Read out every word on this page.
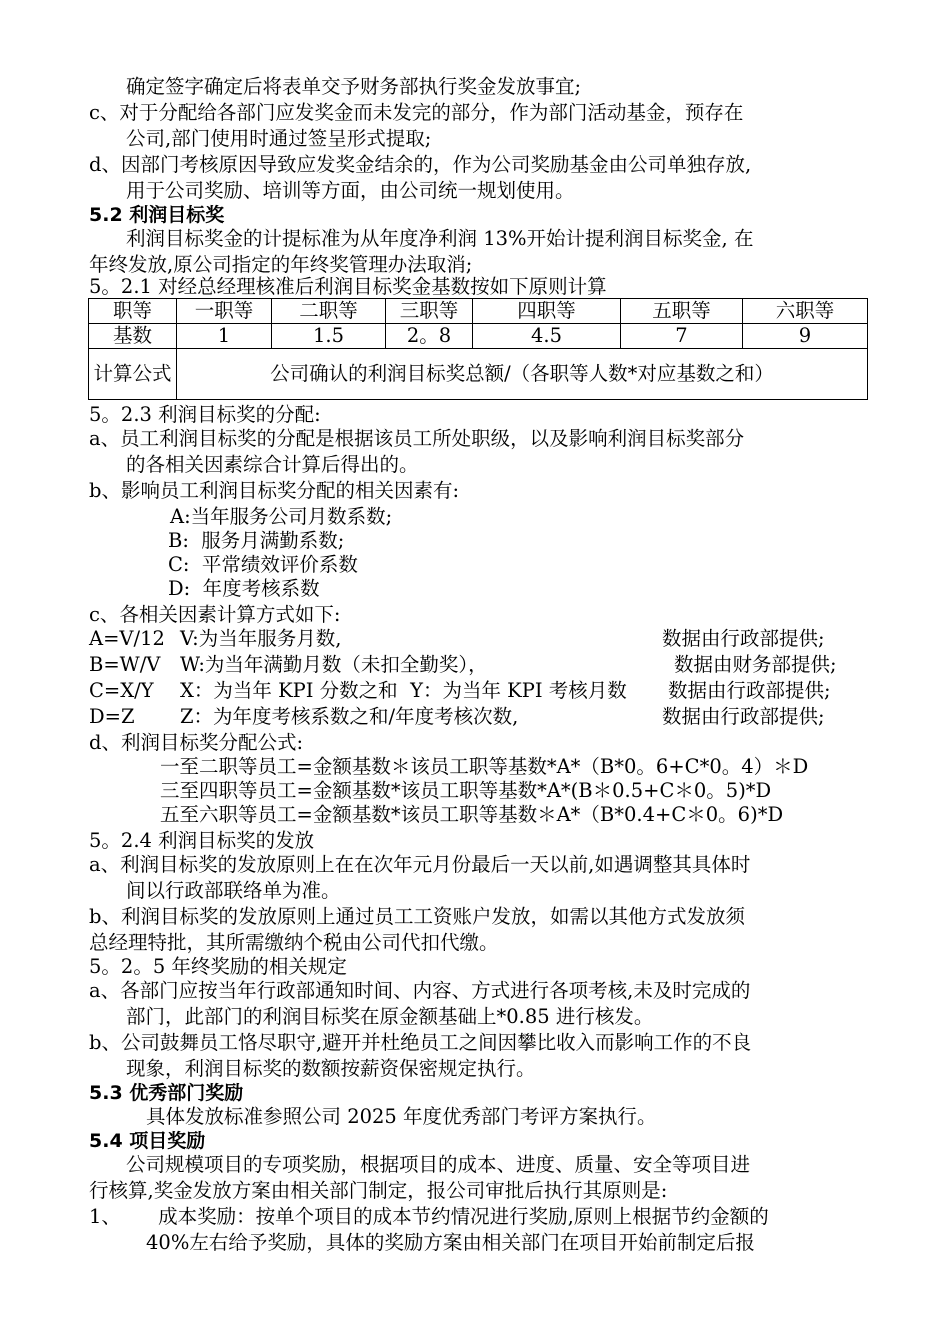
确定签字确定后将表单交予财务部执行奖金发放事宜;
c、对于分配给各部门应发奖金而未发完的部分，作为部门活动基金，预存在
公司,部门使用时通过签呈形式提取;
d、因部门考核原因导致应发奖金结余的，作为公司奖励基金由公司单独存放,
用于公司奖励、培训等方面，由公司统一规划使用。
5.2 利润目标奖
利润目标奖金的计提标准为从年度净利润 13%开始计提利润目标奖金, 在
年终发放,原公司指定的年终奖管理办法取消;
5。2.1 对经总经理核准后利润目标奖金基数按如下原则计算
职等	一职等	二职等	三职等	四职等	五职等	六职等
基数	1	1.5	2。8	4.5	7	9
计算公式	公司确认的利润目标奖总额/（各职等人数*对应基数之和）					
5。2.3 利润目标奖的分配:
a、员工利润目标奖的分配是根据该员工所处职级，以及影响利润目标奖部分
的各相关因素综合计算后得出的。
b、影响员工利润目标奖分配的相关因素有:
A:当年服务公司月数系数;
B:  服务月满勤系数;
C:  平常绩效评价系数
D:  年度考核系数
c、各相关因素计算方式如下:
A=V/12 V:为当年服务月数,	数据由行政部提供;
B=W/V W:为当年满勤月数（未扣全勤奖），	数据由财务部提供;
C=X/Y X：为当年 KPI 分数之和  Y：为当年 KPI 考核月数 数据由行政部提供;
D=Z Z：为年度考核系数之和/年度考核次数,	数据由行政部提供;
d、利润目标奖分配公式:
一至二职等员工=金额基数＊该员工职等基数*A*（B*0。6+C*0。4）＊D
三至四职等员工=金额基数*该员工职等基数*A*(B＊0.5+C＊0。5)*D
五至六职等员工=金额基数*该员工职等基数＊A*（B*0.4+C＊0。6)*D
5。2.4 利润目标奖的发放
a、利润目标奖的发放原则上在在次年元月份最后一天以前,如遇调整其具体时
间以行政部联络单为准。
b、利润目标奖的发放原则上通过员工工资账户发放，如需以其他方式发放须
总经理特批，其所需缴纳个税由公司代扣代缴。
5。2。5 年终奖励的相关规定
a、各部门应按当年行政部通知时间、内容、方式进行各项考核,未及时完成的
部门，此部门的利润目标奖在原金额基础上*0.85 进行核发。
b、公司鼓舞员工恪尽职守,避开并杜绝员工之间因攀比收入而影响工作的不良
现象，利润目标奖的数额按薪资保密规定执行。
5.3 优秀部门奖励
具体发放标准参照公司 2025 年度优秀部门考评方案执行。
5.4 项目奖励
公司规模项目的专项奖励，根据项目的成本、进度、质量、安全等项目进
行核算,奖金发放方案由相关部门制定，报公司审批后执行其原则是:
1、      成本奖励：按单个项目的成本节约情况进行奖励,原则上根据节约金额的
40%左右给予奖励，具体的奖励方案由相关部门在项目开始前制定后报
